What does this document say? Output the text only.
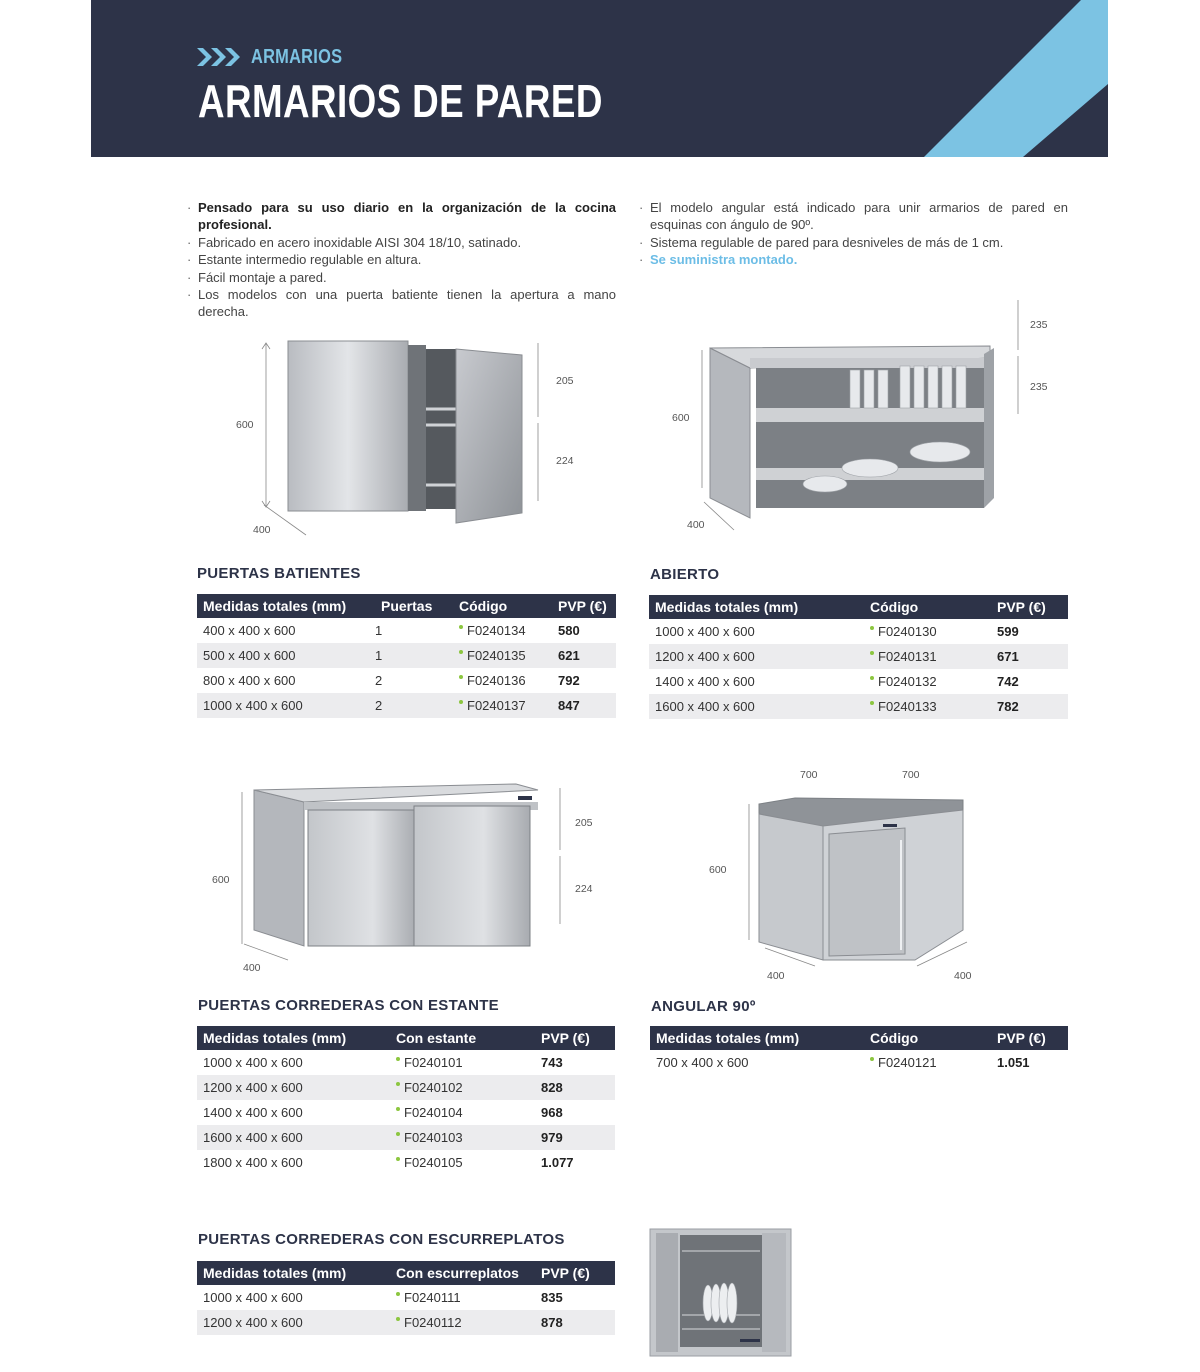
ARMARIOS
ARMARIOS DE PARED
· Pensado para su uso diario en la organización de la cocina profesional.
· Fabricado en acero inoxidable AISI 304 18/10, satinado.
· Estante intermedio regulable en altura.
· Fácil montaje a pared.
· Los modelos con una puerta batiente tienen la apertura a mano derecha.
· El modelo angular está indicado para unir armarios de pared en esquinas con ángulo de 90º.
· Sistema regulable de pared para desniveles de más de 1 cm.
· Se suministra montado.
600
400
205
224
600
400
235
235
PUERTAS BATIENTES
Medidas totales (mm)	Puertas	Código	PVP (€)
400 x 400 x 600	1	F0240134	580
500 x 400 x 600	1	F0240135	621
800 x 400 x 600	2	F0240136	792
1000 x 400 x 600	2	F0240137	847
ABIERTO
Medidas totales (mm)	Código	PVP (€)
1000 x 400 x 600	F0240130	599
1200 x 400 x 600	F0240131	671
1400 x 400 x 600	F0240132	742
1600 x 400 x 600	F0240133	782
600
400
205
224
700	700
600
400	400
PUERTAS CORREDERAS CON ESTANTE
Medidas totales (mm)	Con estante	PVP (€)
1000 x 400 x 600	F0240101	743
1200 x 400 x 600	F0240102	828
1400 x 400 x 600	F0240104	968
1600 x 400 x 600	F0240103	979
1800 x 400 x 600	F0240105	1.077
ANGULAR 90º
Medidas totales (mm)	Código	PVP (€)
700 x 400 x 600	F0240121	1.051
PUERTAS CORREDERAS CON ESCURREPLATOS
Medidas totales (mm)	Con escurreplatos	PVP (€)
1000 x 400 x 600	F0240111	835
1200 x 400 x 600	F0240112	878
